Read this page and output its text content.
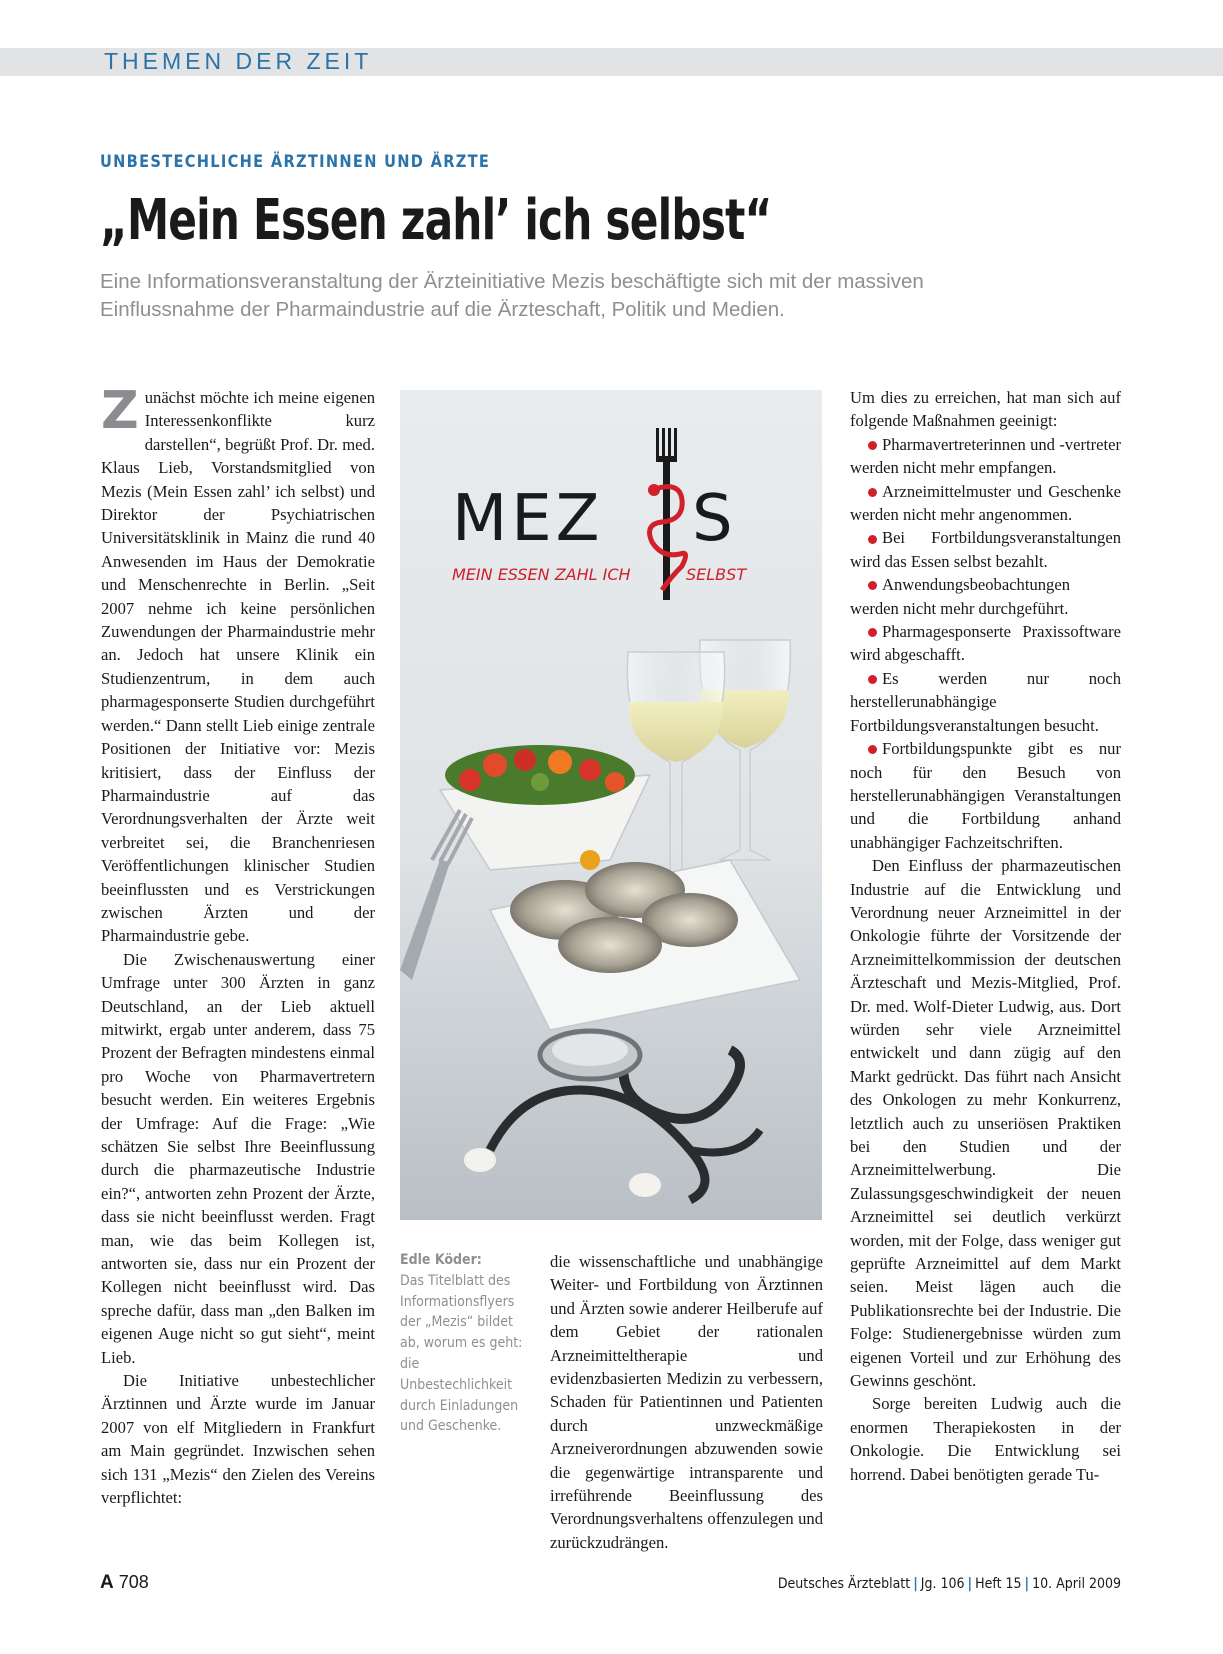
THEMEN DER ZEIT
UNBESTECHLICHE ÄRZTINNEN UND ÄRZTE
„Mein Essen zahl’ ich selbst“
Eine Informationsveranstaltung der Ärzteinitiative Mezis beschäftigte sich mit der massiven Einflussnahme der Pharmaindustrie auf die Ärzteschaft, Politik und Medien.

Zunächst möchte ich meine eigenen Interessenkonflikte kurz darstellen“, begrüßt Prof. Dr. med. Klaus Lieb, Vorstandsmitglied von Mezis (Mein Essen zahl’ ich selbst) und Direktor der Psychiatrischen Universitätsklinik in Mainz die rund 40 Anwesenden im Haus der Demokratie und Menschenrechte in Berlin. „Seit 2007 nehme ich keine persönlichen Zuwendungen der Pharmaindustrie mehr an. Jedoch hat unsere Klinik ein Studienzentrum, in dem auch pharmagesponserte Studien durchgeführt werden.“ Dann stellt Lieb einige zentrale Positionen der Initiative vor: Mezis kritisiert, dass der Einfluss der Pharmaindustrie auf das Verordnungsverhalten der Ärzte weit verbreitet sei, die Branchenriesen Veröffentlichungen klinischer Studien beeinflussten und es Verstrickungen zwischen Ärzten und der Pharmaindustrie gebe.

Die Zwischenauswertung einer Umfrage unter 300 Ärzten in ganz Deutschland, an der Lieb aktuell mitwirkt, ergab unter anderem, dass 75 Prozent der Befragten mindestens einmal pro Woche von Pharmavertretern besucht werden. Ein weiteres Ergebnis der Umfrage: Auf die Frage: „Wie schätzen Sie selbst Ihre Beeinflussung durch die pharmazeutische Industrie ein?“, antworten zehn Prozent der Ärzte, dass sie nicht beeinflusst werden. Fragt man, wie das beim Kollegen ist, antworten sie, dass nur ein Prozent der Kollegen nicht beeinflusst wird. Das spreche dafür, dass man „den Balken im eigenen Auge nicht so gut sieht“, meint Lieb.

Die Initiative unbestechlicher Ärztinnen und Ärzte wurde im Januar 2007 von elf Mitgliedern in Frankfurt am Main gegründet. Inzwischen sehen sich 131 „Mezis“ den Zielen des Vereins verpflichtet:

MEZ S
MEIN ESSEN ZAHL ICH	SELBST
Edle Köder:
Das Titelblatt des Informationsflyers der „Mezis“ bildet ab, worum es geht: die Unbestechlichkeit durch Einladungen und Geschenke.

die wissenschaftliche und unabhängige Weiter- und Fortbildung von Ärztinnen und Ärzten sowie anderer Heilberufe auf dem Gebiet der rationalen Arzneimitteltherapie und evidenzbasierten Medizin zu verbessern, Schaden für Patientinnen und Patienten durch unzweckmäßige Arzneiverordnungen abzuwenden sowie die gegenwärtige intransparente und irreführende Beeinflussung des Verordnungsverhaltens offenzulegen und zurückzudrängen.

Um dies zu erreichen, hat man sich auf folgende Maßnahmen geeinigt:

Pharmavertreterinnen und -vertreter werden nicht mehr empfangen.

Arzneimittelmuster und Geschenke werden nicht mehr angenommen.

Bei Fortbildungsveranstaltungen wird das Essen selbst bezahlt.

Anwendungsbeobachtungen werden nicht mehr durchgeführt.

Pharmagesponserte Praxissoftware wird abgeschafft.

Es werden nur noch herstellerunabhängige Fortbildungsveranstaltungen besucht.

Fortbildungspunkte gibt es nur noch für den Besuch von herstellerunabhängigen Veranstaltungen und die Fortbildung anhand unabhängiger Fachzeitschriften.

Den Einfluss der pharmazeutischen Industrie auf die Entwicklung und Verordnung neuer Arzneimittel in der Onkologie führte der Vorsitzende der Arzneimittelkommission der deutschen Ärzteschaft und Mezis-Mitglied, Prof. Dr. med. Wolf-Dieter Ludwig, aus. Dort würden sehr viele Arzneimittel entwickelt und dann zügig auf den Markt gedrückt. Das führt nach Ansicht des Onkologen zu mehr Konkurrenz, letztlich auch zu unseriösen Praktiken bei den Studien und der Arzneimittelwerbung. Die Zulassungsgeschwindigkeit der neuen Arzneimittel sei deutlich verkürzt worden, mit der Folge, dass weniger gut geprüfte Arzneimittel auf dem Markt seien. Meist lägen auch die Publikationsrechte bei der Industrie. Die Folge: Studienergebnisse würden zum eigenen Vorteil und zur Erhöhung des Gewinns geschönt.

Sorge bereiten Ludwig auch die enormen Therapiekosten in der Onkologie. Die Entwicklung sei horrend. Dabei benötigten gerade Tu-

A 708	Deutsches Ärzteblatt | Jg. 106 | Heft 15 | 10. April 2009
